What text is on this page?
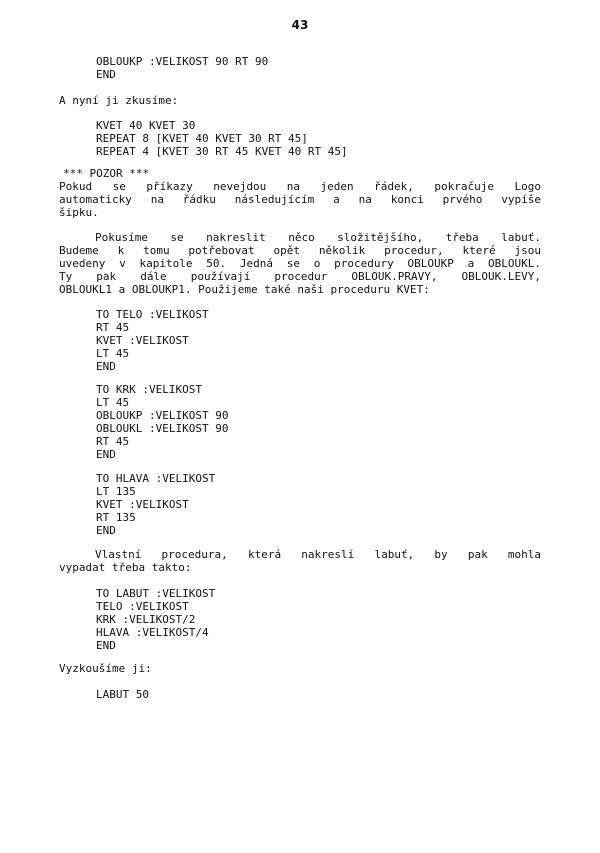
43
OBLOUKP :VELIKOST 90 RT 90
END
A nyní ji zkusíme:
KVET 40 KVET 30
REPEAT 8 [KVET 40 KVET 30 RT 45]
REPEAT 4 [KVET 30 RT 45 KVET 40 RT 45]
*** POZOR ***
Pokud se příkazy nevejdou na jeden řádek, pokračuje Logo
automaticky na řádku následujícím a na konci prvého vypíše
šipku.
Pokusíme se nakreslit něco složitějšího, třeba labuť.
Budeme k tomu potřebovat opět několik procedur, které jsou
uvedeny v kapitole 50. Jedná se o procedury OBLOUKP a OBLOUKL.
Ty pak dále používají procedur OBLOUK.PRAVY, OBLOUK.LEVY,
OBLOUKL1 a OBLOUKP1. Použijeme také naši proceduru KVET:
TO TELO :VELIKOST
RT 45
KVET :VELIKOST
LT 45
END
TO KRK :VELIKOST
LT 45
OBLOUKP :VELIKOST 90
OBLOUKL :VELIKOST 90
RT 45
END
TO HLAVA :VELIKOST
LT 135
KVET :VELIKOST
RT 135
END
Vlastní procedura, která nakreslí labuť, by pak mohla
vypadat třeba takto:
TO LABUT :VELIKOST
TELO :VELIKOST
KRK :VELIKOST/2
HLAVA :VELIKOST/4
END
Vyzkoušíme ji:
LABUT 50
